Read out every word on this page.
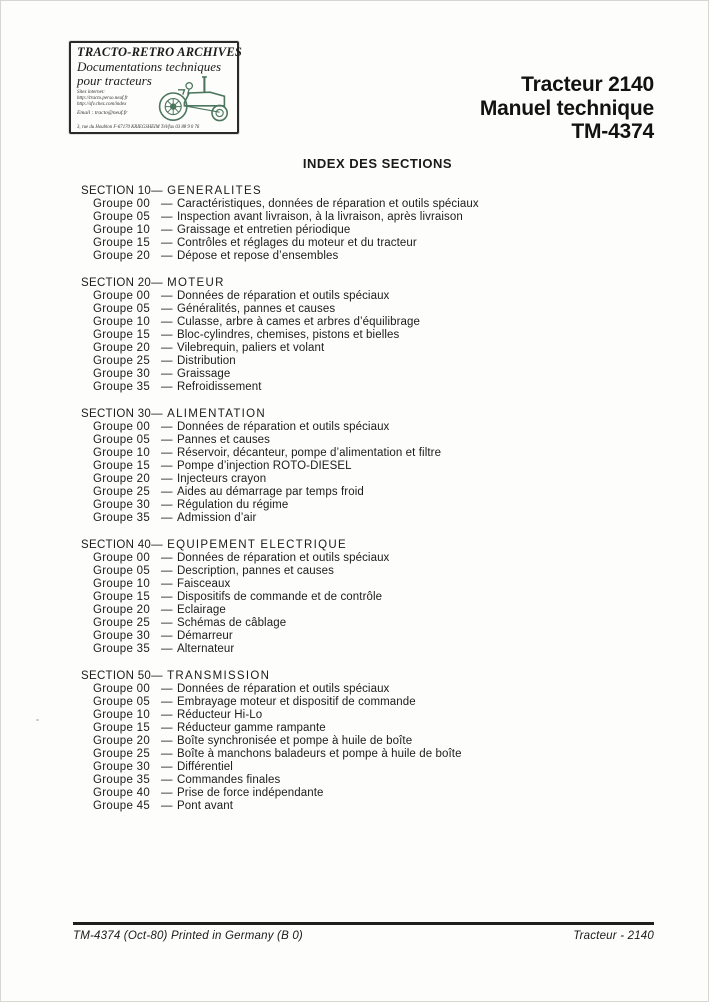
TRACTO-RETRO ARCHIVES
Documentations techniques
pour tracteurs
Sites internet:
http://tracto.perso.neuf.fr
http://sfv.chez.com/index
Email : tracto@neuf.fr
3, rue du Houblon F-67170 KRIEGSHEIM Tél/fax 03 88 9 0 76
Tracteur 2140
Manuel technique
TM-4374
INDEX DES SECTIONS
SECTION 10 — GENERALITES
Groupe 00 — Caractéristiques, données de réparation et outils spéciaux
Groupe 05 — Inspection avant livraison, à la livraison, après livraison
Groupe 10 — Graissage et entretien périodique
Groupe 15 — Contrôles et réglages du moteur et du tracteur
Groupe 20 — Dépose et repose d’ensembles
SECTION 20 — MOTEUR
Groupe 00 — Données de réparation et outils spéciaux
Groupe 05 — Généralités, pannes et causes
Groupe 10 — Culasse, arbre à cames et arbres d’équilibrage
Groupe 15 — Bloc-cylindres, chemises, pistons et bielles
Groupe 20 — Vilebrequin, paliers et volant
Groupe 25 — Distribution
Groupe 30 — Graissage
Groupe 35 — Refroidissement
SECTION 30 — ALIMENTATION
Groupe 00 — Données de réparation et outils spéciaux
Groupe 05 — Pannes et causes
Groupe 10 — Réservoir, décanteur, pompe d’alimentation et filtre
Groupe 15 — Pompe d’injection ROTO-DIESEL
Groupe 20 — Injecteurs crayon
Groupe 25 — Aides au démarrage par temps froid
Groupe 30 — Régulation du régime
Groupe 35 — Admission d’air
SECTION 40 — EQUIPEMENT ELECTRIQUE
Groupe 00 — Données de réparation et outils spéciaux
Groupe 05 — Description, pannes et causes
Groupe 10 — Faisceaux
Groupe 15 — Dispositifs de commande et de contrôle
Groupe 20 — Eclairage
Groupe 25 — Schémas de câblage
Groupe 30 — Démarreur
Groupe 35 — Alternateur
SECTION 50 — TRANSMISSION
Groupe 00 — Données de réparation et outils spéciaux
Groupe 05 — Embrayage moteur et dispositif de commande
Groupe 10 — Réducteur Hi-Lo
Groupe 15 — Réducteur gamme rampante
Groupe 20 — Boîte synchronisée et pompe à huile de boîte
Groupe 25 — Boîte à manchons baladeurs et pompe à huile de boîte
Groupe 30 — Différentiel
Groupe 35 — Commandes finales
Groupe 40 — Prise de force indépendante
Groupe 45 — Pont avant
TM-4374 (Oct-80) Printed in Germany (B 0)	Tracteur - 2140
